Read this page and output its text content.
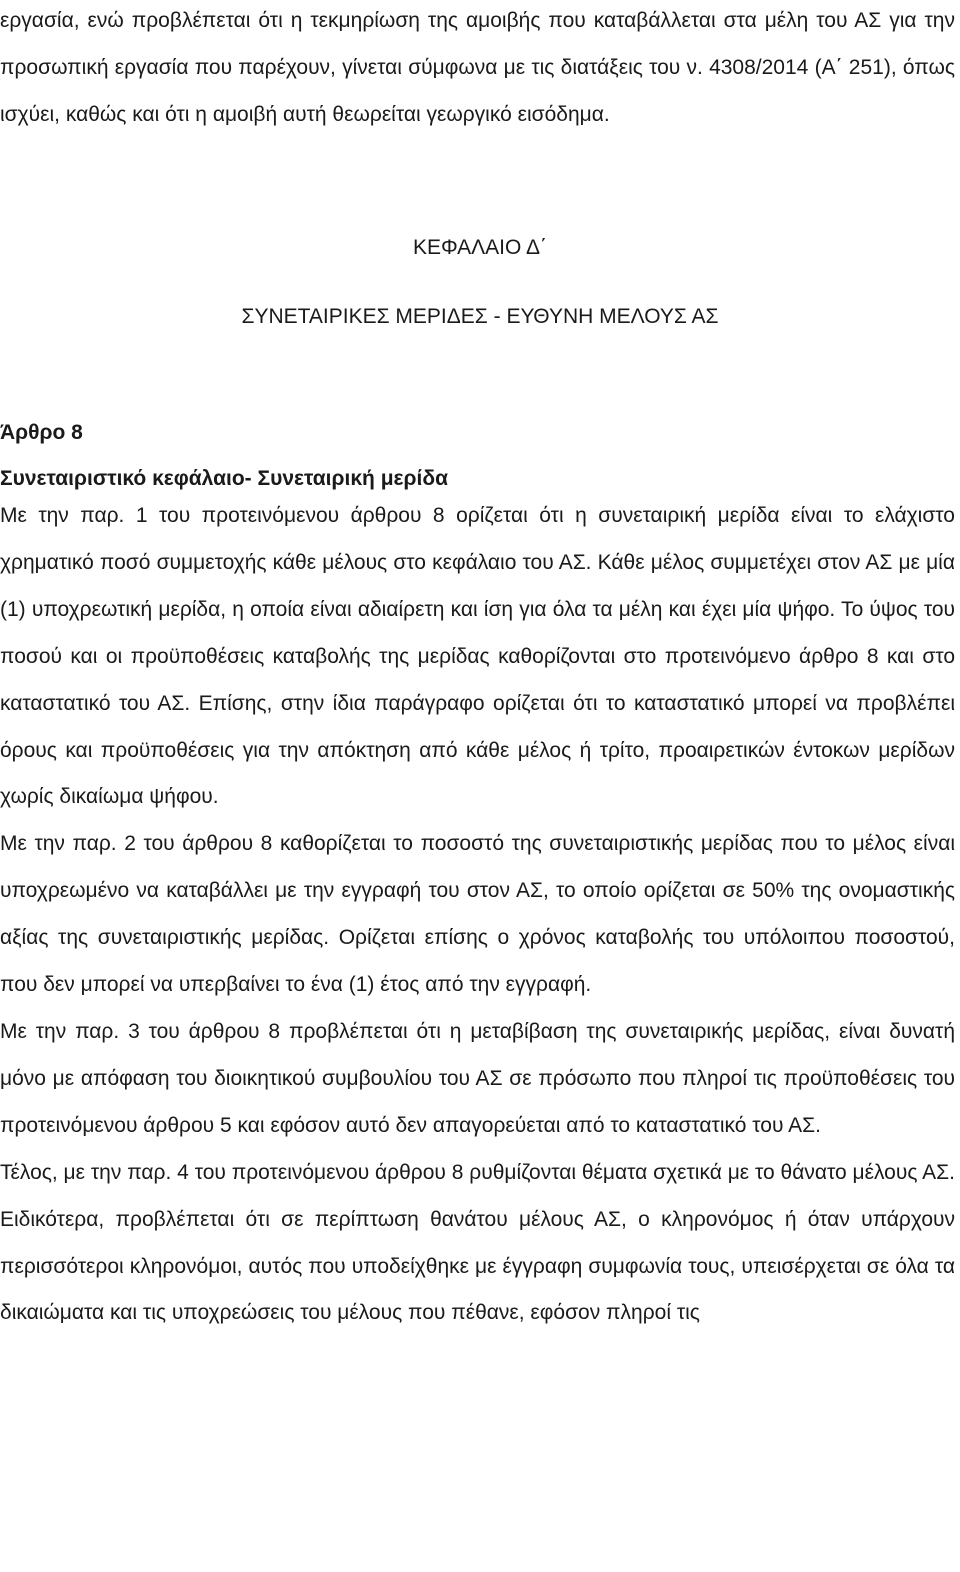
εργασία, ενώ προβλέπεται ότι η τεκμηρίωση της αμοιβής που καταβάλλεται στα μέλη του ΑΣ για την προσωπική εργασία που παρέχουν, γίνεται σύμφωνα με τις διατάξεις του ν. 4308/2014 (Α΄ 251), όπως ισχύει, καθώς και ότι η αμοιβή αυτή θεωρείται γεωργικό εισόδημα.

ΚΕΦΑΛΑΙΟ Δ΄
ΣΥΝΕΤΑΙΡΙΚΕΣ ΜΕΡΙΔΕΣ - ΕΥΘΥΝΗ ΜΕΛΟΥΣ ΑΣ
Άρθρο 8
Συνεταιριστικό κεφάλαιο- Συνεταιρική μερίδα

Με την παρ. 1 του προτεινόμενου άρθρου 8 ορίζεται ότι η συνεταιρική μερίδα είναι το ελάχιστο χρηματικό ποσό συμμετοχής κάθε μέλους στο κεφάλαιο του ΑΣ. Κάθε μέλος συμμετέχει στον ΑΣ με μία (1) υποχρεωτική μερίδα, η οποία είναι αδιαίρετη και ίση για όλα τα μέλη και έχει μία ψήφο. Το ύψος του ποσού και οι προϋποθέσεις καταβολής της μερίδας καθορίζονται στο προτεινόμενο άρθρο 8 και στο καταστατικό του ΑΣ. Επίσης, στην ίδια παράγραφο ορίζεται ότι το καταστατικό μπορεί να προβλέπει όρους και προϋποθέσεις για την απόκτηση από κάθε μέλος ή τρίτο, προαιρετικών έντοκων μερίδων χωρίς δικαίωμα ψήφου.

Με την παρ. 2 του άρθρου 8 καθορίζεται το ποσοστό της συνεταιριστικής μερίδας που το μέλος είναι υποχρεωμένο να καταβάλλει με την εγγραφή του στον ΑΣ, το οποίο ορίζεται σε 50% της ονομαστικής αξίας της συνεταιριστικής μερίδας. Ορίζεται επίσης ο χρόνος καταβολής του υπόλοιπου ποσοστού, που δεν μπορεί να υπερβαίνει το ένα (1) έτος από την εγγραφή.

Με την παρ. 3 του άρθρου 8 προβλέπεται ότι η μεταβίβαση της συνεταιρικής μερίδας, είναι δυνατή μόνο με απόφαση του διοικητικού συμβουλίου του ΑΣ σε πρόσωπο που πληροί τις προϋποθέσεις του προτεινόμενου άρθρου 5 και εφόσον αυτό δεν απαγορεύεται από το καταστατικό του ΑΣ.

Τέλος, με την παρ. 4 του προτεινόμενου άρθρου 8 ρυθμίζονται θέματα σχετικά με το θάνατο μέλους ΑΣ. Ειδικότερα, προβλέπεται ότι σε περίπτωση θανάτου μέλους ΑΣ, ο κληρονόμος ή όταν υπάρχουν περισσότεροι κληρονόμοι, αυτός που υποδείχθηκε με έγγραφη συμφωνία τους, υπεισέρχεται σε όλα τα δικαιώματα και τις υποχρεώσεις του μέλους που πέθανε, εφόσον πληροί τις
